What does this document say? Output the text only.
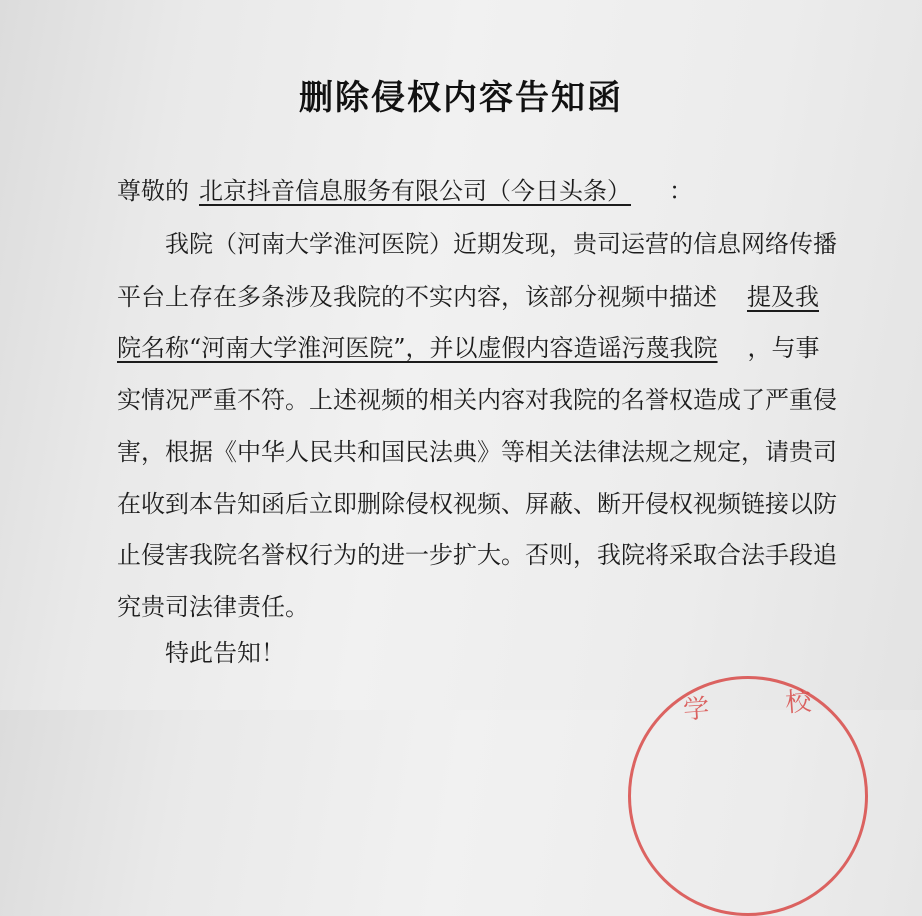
删除侵权内容告知函
尊敬的 北京抖音信息服务有限公司（今日头条） ：
我院（河南大学淮河医院）近期发现，贵司运营的信息网络传播
平台上存在多条涉及我院的不实内容，该部分视频中描述 提及我
院名称“河南大学淮河医院”，并以虚假内容造谣污蔑我院 ，与事
实情况严重不符。上述视频的相关内容对我院的名誉权造成了严重侵
害，根据《中华人民共和国民法典》等相关法律法规之规定，请贵司
在收到本告知函后立即删除侵权视频、屏蔽、断开侵权视频链接以防
止侵害我院名誉权行为的进一步扩大。否则，我院将采取合法手段追
究贵司法律责任。
特此告知！
学 校
